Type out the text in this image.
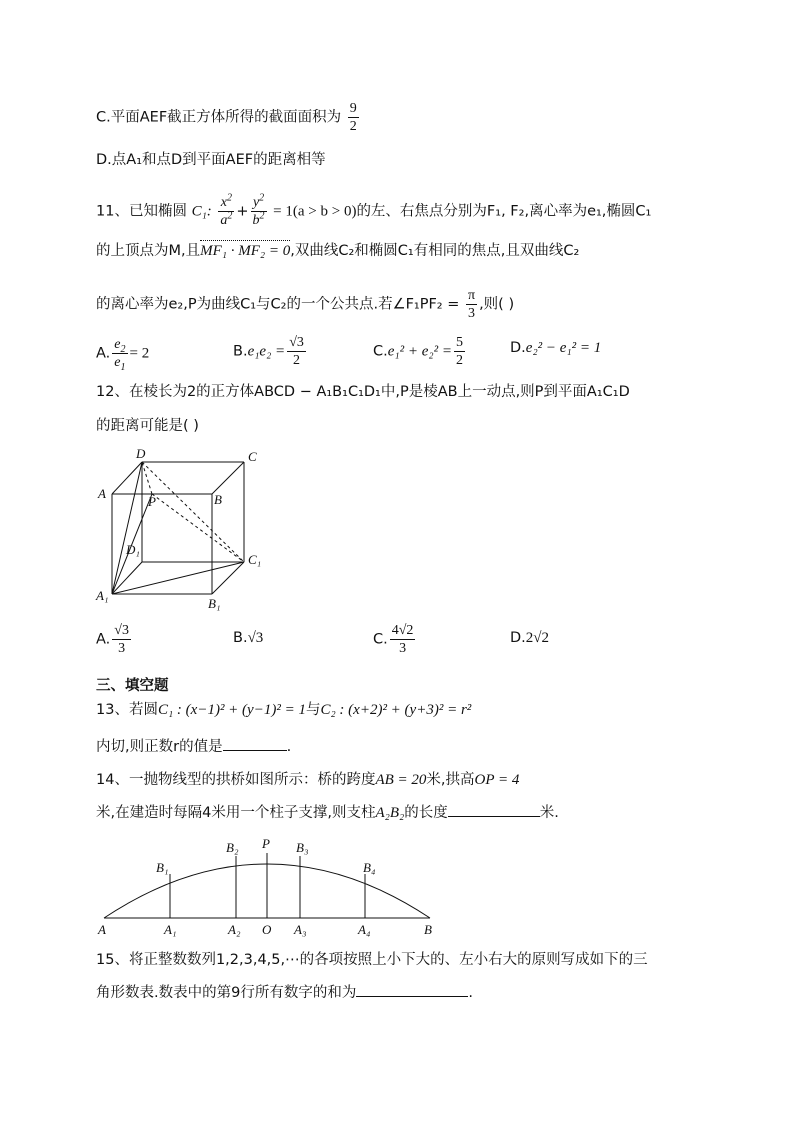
C.平面AEF截正方体所得的截面面积为 $\frac{9}{2}$
D.点A₁和点D到平面AEF的距离相等
11、已知椭圆 C₁: $\frac{x^2}{a^2} + \frac{y^2}{b^2} = 1(a > b > 0)$的左、右焦点分别为F₁, F₂,离心率为e₁,椭圆C₁
的上顶点为M,且MF₁ · MF₂ = 0,双曲线C₂和椭圆C₁有相同的焦点,且双曲线C₂
的离心率为e₂,P为曲线C₁与C₂的一个公共点.若∠F₁PF₂ = $\frac{\pi}{3}$ ,则( )
A. $\frac{e_2}{e_1} = 2$	$B.e_1e_2 = \frac{√3}{2}$	$C.e_1^2 + e_2^2 = \frac{5}{2}$	D.e₂² − e₁² = 1
12、在棱长为2的正方体ABCD − A₁B₁C₁D₁中,P是棱AB上一动点,则P到平面A₁C₁D
的距离可能是( )
D	C
A
P	B
D₁
C₁
A₁
B₁
A. $\frac{√3}{3}$	B.√3	C. $\frac{4√2}{3}$	D.2√2
三、填空题
13、若圆C₁ : (x−1)² + (y−1)² = 1与C₂ : (x+2)² + (y+3)² = r²
内切,则正数r的值是	.
14、一抛物线型的拱桥如图所示：桥的跨度AB = 20米,拱高OP = 4
米,在建造时每隔4米用一个柱子支撑,则支柱A₂B₂的长度	米.
B₁
B₂ P B₃
B₄
A	A₁	A₂ O A₃	A₄	B
15、将正整数数列1,2,3,4,5,⋯的各项按照上小下大的、左小右大的原则写成如下的三
角形数表.数表中的第9行所有数字的和为	.
